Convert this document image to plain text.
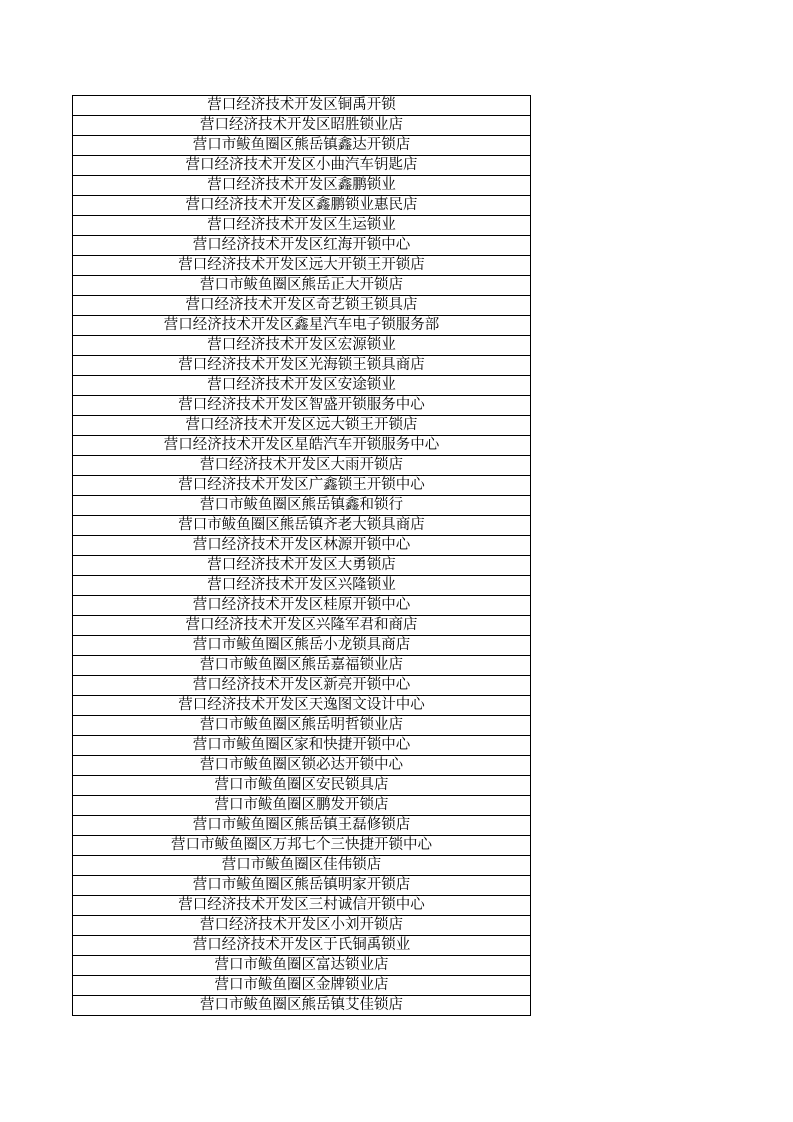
营口经济技术开发区铜禹开锁
营口经济技术开发区昭胜锁业店
营口市鲅鱼圈区熊岳镇鑫达开锁店
营口经济技术开发区小曲汽车钥匙店
营口经济技术开发区鑫鹏锁业
营口经济技术开发区鑫鹏锁业惠民店
营口经济技术开发区生运锁业
营口经济技术开发区红海开锁中心
营口经济技术开发区远大开锁王开锁店
营口市鲅鱼圈区熊岳正大开锁店
营口经济技术开发区奇艺锁王锁具店
营口经济技术开发区鑫星汽车电子锁服务部
营口经济技术开发区宏源锁业
营口经济技术开发区光海锁王锁具商店
营口经济技术开发区安途锁业
营口经济技术开发区智盛开锁服务中心
营口经济技术开发区远大锁王开锁店
营口经济技术开发区星皓汽车开锁服务中心
营口经济技术开发区大雨开锁店
营口经济技术开发区广鑫锁王开锁中心
营口市鲅鱼圈区熊岳镇鑫和锁行
营口市鲅鱼圈区熊岳镇齐老大锁具商店
营口经济技术开发区林源开锁中心
营口经济技术开发区大勇锁店
营口经济技术开发区兴隆锁业
营口经济技术开发区桂原开锁中心
营口经济技术开发区兴隆军君和商店
营口市鲅鱼圈区熊岳小龙锁具商店
营口市鲅鱼圈区熊岳嘉福锁业店
营口经济技术开发区新亮开锁中心
营口经济技术开发区天逸图文设计中心
营口市鲅鱼圈区熊岳明哲锁业店
营口市鲅鱼圈区家和快捷开锁中心
营口市鲅鱼圈区锁必达开锁中心
营口市鲅鱼圈区安民锁具店
营口市鲅鱼圈区鹏发开锁店
营口市鲅鱼圈区熊岳镇王磊修锁店
营口市鲅鱼圈区万邦七个三快捷开锁中心
营口市鲅鱼圈区佳伟锁店
营口市鲅鱼圈区熊岳镇明家开锁店
营口经济技术开发区三村诚信开锁中心
营口经济技术开发区小刘开锁店
营口经济技术开发区于氏铜禹锁业
营口市鲅鱼圈区富达锁业店
营口市鲅鱼圈区金牌锁业店
营口市鲅鱼圈区熊岳镇艾佳锁店
